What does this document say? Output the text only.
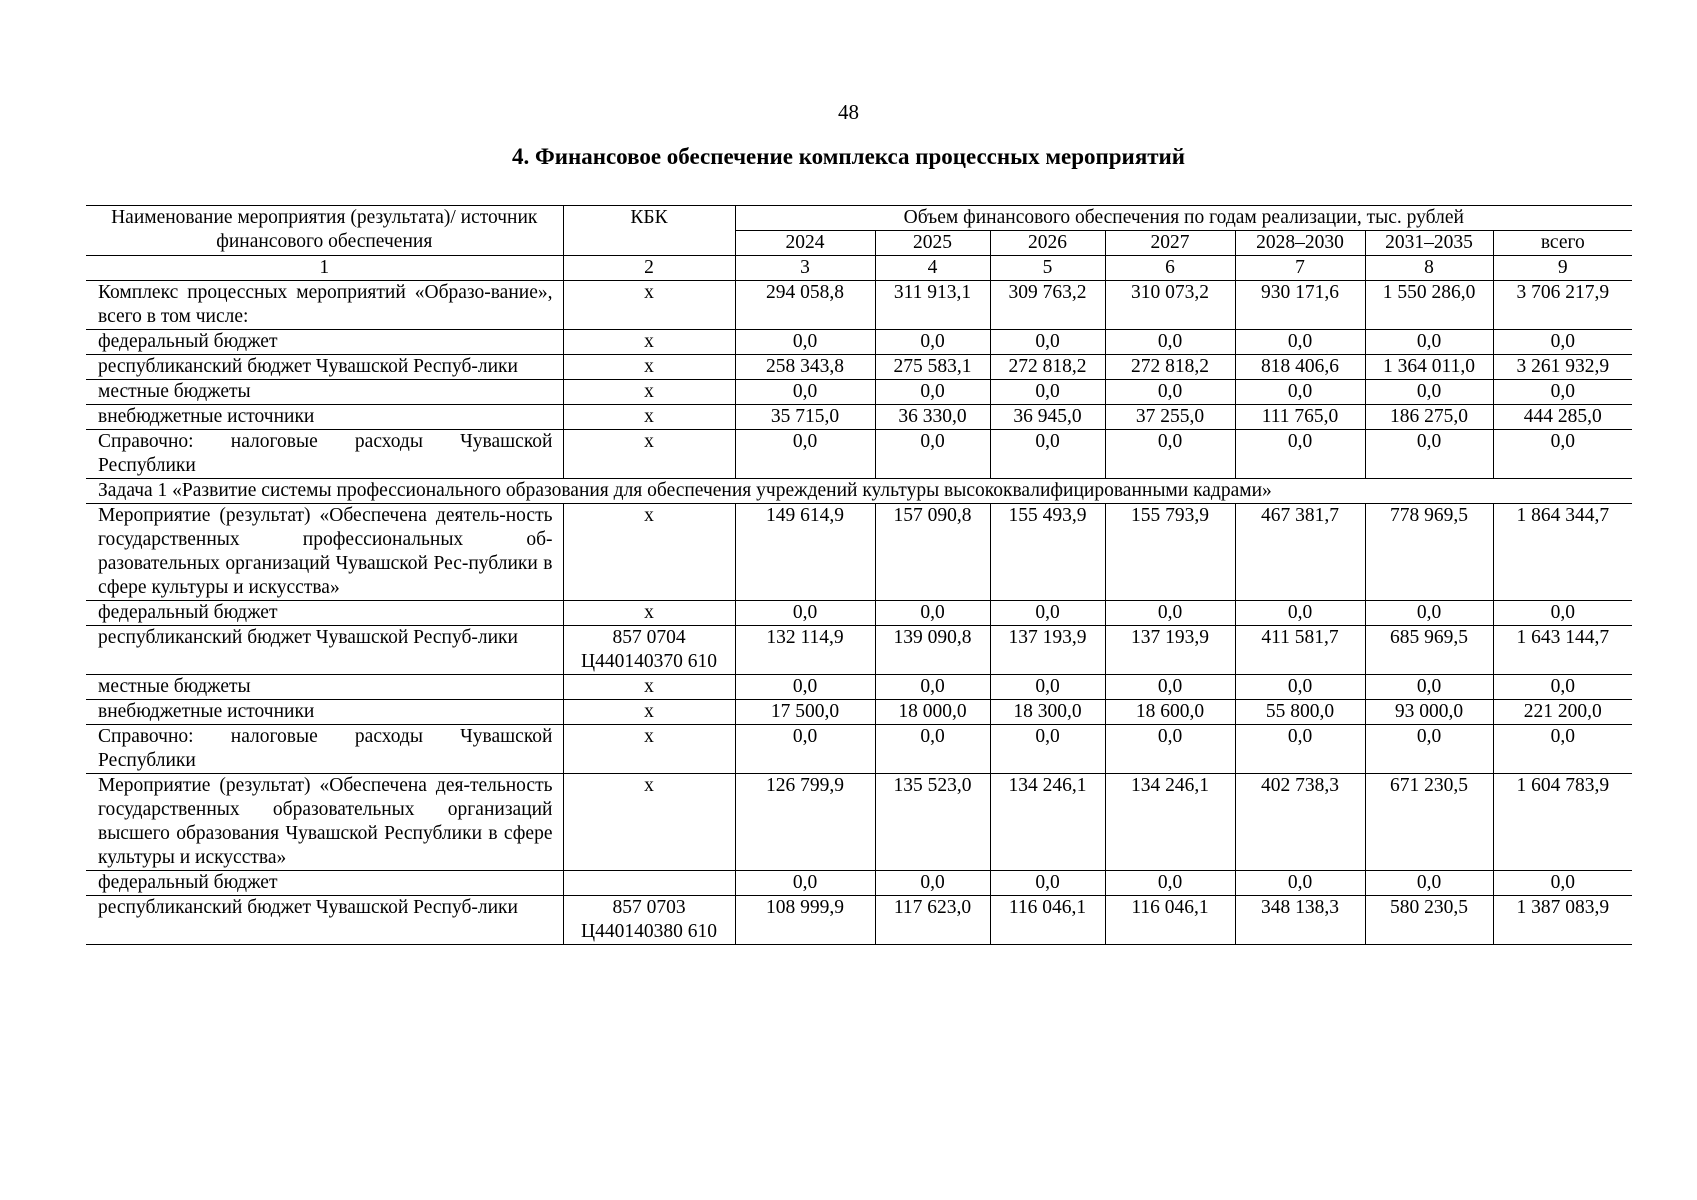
48
4. Финансовое обеспечение комплекса процессных мероприятий
Наименование мероприятия (результата)/ источник финансового обеспечения	КБК	Объем финансового обеспечения по годам реализации, тыс. рублей						
		2024	2025	2026	2027	2028–2030	2031–2035	всего
1	2	3	4	5	6	7	8	9
Комплекс процессных мероприятий «Образо-вание», всего в том числе:	х	294 058,8	311 913,1	309 763,2	310 073,2	930 171,6	1 550 286,0	3 706 217,9
федеральный бюджет	х	0,0	0,0	0,0	0,0	0,0	0,0	0,0
республиканский бюджет Чувашской Респуб-лики	х	258 343,8	275 583,1	272 818,2	272 818,2	818 406,6	1 364 011,0	3 261 932,9
местные бюджеты	х	0,0	0,0	0,0	0,0	0,0	0,0	0,0
внебюджетные источники	х	35 715,0	36 330,0	36 945,0	37 255,0	111 765,0	186 275,0	444 285,0
Справочно: налоговые расходы Чувашской Республики	х	0,0	0,0	0,0	0,0	0,0	0,0	0,0
Задача 1 «Развитие системы профессионального образования для обеспечения учреждений культуры высококвалифицированными кадрами»								
Мероприятие (результат) «Обеспечена деятель-ность государственных профессиональных об-разовательных организаций Чувашской Рес-публики в сфере культуры и искусства»	х	149 614,9	157 090,8	155 493,9	155 793,9	467 381,7	778 969,5	1 864 344,7
федеральный бюджет	х	0,0	0,0	0,0	0,0	0,0	0,0	0,0
республиканский бюджет Чувашской Респуб-лики	857 0704 Ц440140370 610	132 114,9	139 090,8	137 193,9	137 193,9	411 581,7	685 969,5	1 643 144,7
местные бюджеты	х	0,0	0,0	0,0	0,0	0,0	0,0	0,0
внебюджетные источники	х	17 500,0	18 000,0	18 300,0	18 600,0	55 800,0	93 000,0	221 200,0
Справочно: налоговые расходы Чувашской Республики	х	0,0	0,0	0,0	0,0	0,0	0,0	0,0
Мероприятие (результат) «Обеспечена дея-тельность государственных образовательных организаций высшего образования Чувашской Республики в сфере культуры и искусства»	х	126 799,9	135 523,0	134 246,1	134 246,1	402 738,3	671 230,5	1 604 783,9
федеральный бюджет		0,0	0,0	0,0	0,0	0,0	0,0	0,0
республиканский бюджет Чувашской Респуб-лики	857 0703 Ц440140380 610	108 999,9	117 623,0	116 046,1	116 046,1	348 138,3	580 230,5	1 387 083,9
